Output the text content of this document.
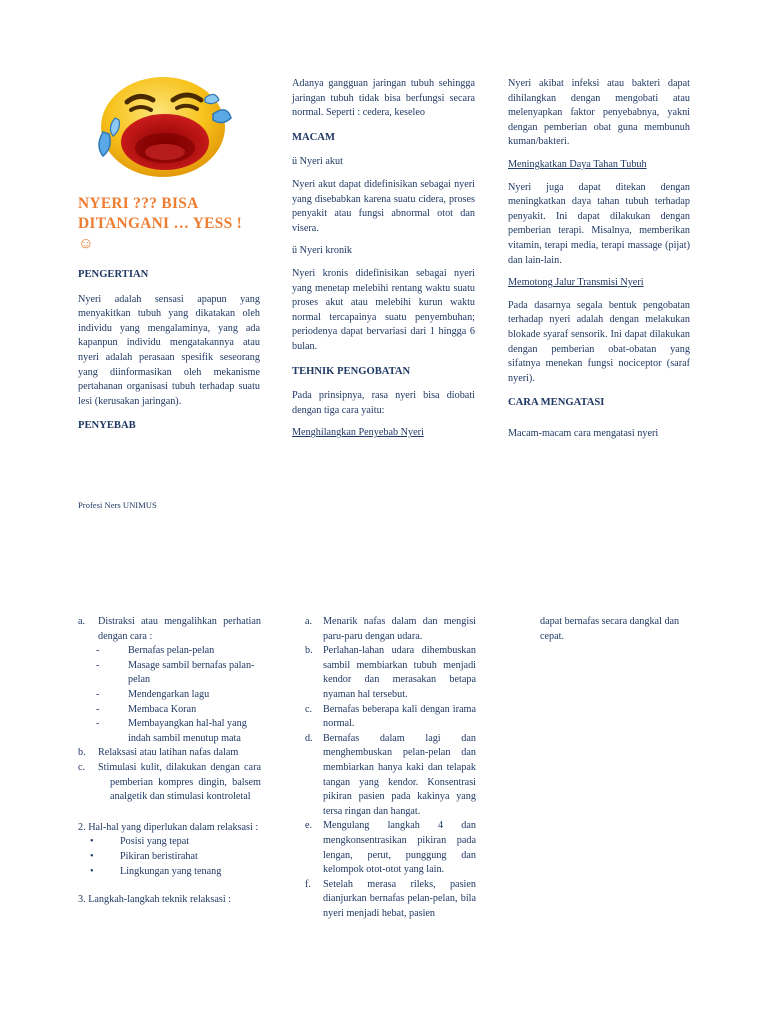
NYERI ??? BISA DITANGANI … YESS ! ☺
PENGERTIAN

Nyeri adalah sensasi apapun yang menyakitkan tubuh yang dikatakan oleh individu yang mengalaminya, yang ada kapanpun individu mengatakannya atau nyeri adalah perasaan spesifik seseorang yang diinformasikan oleh mekanisme pertahanan organisasi tubuh terhadap suatu lesi (kerusakan jaringan).

PENYEBAB
Profesi Ners UNIMUS

Adanya gangguan jaringan tubuh sehingga jaringan tubuh tidak bisa berfungsi secara normal. Seperti : cedera, keseleo

MACAM

ü Nyeri akut

Nyeri akut dapat didefinisikan sebagai nyeri yang disebabkan karena suatu cidera, proses penyakit atau fungsi abnormal otot dan visera.

ü Nyeri kronik

Nyeri kronis didefinisikan sebagai nyeri yang menetap melebihi rentang waktu suatu proses akut atau melebihi kurun waktu normal tercapainya suatu penyembuhan; periodenya dapat bervariasi dari 1 hingga 6 bulan.

TEHNIK PENGOBATAN

Pada prinsipnya, rasa nyeri bisa diobati dengan tiga cara yaitu:

Menghilangkan Penyebab Nyeri

Nyeri akibat infeksi atau bakteri dapat dihilangkan dengan mengobati atau melenyapkan faktor penyebabnya, yakni dengan pemberian obat guna membunuh kuman/bakteri.

Meningkatkan Daya Tahan Tubuh

Nyeri juga dapat ditekan dengan meningkatkan daya tahan tubuh terhadap penyakit. Ini dapat dilakukan dengan pemberian terapi. Misalnya, memberikan vitamin, terapi media, terapi massage (pijat) dan lain-lain.

Memotong Jalur Transmisi Nyeri

Pada dasarnya segala bentuk pengobatan terhadap nyeri adalah dengan melakukan blokade syaraf sensorik. Ini dapat dilakukan dengan pemberian obat-obatan yang sifatnya menekan fungsi nociceptor (saraf nyeri).

CARA MENGATASI

Macam-macam cara mengatasi nyeri

a.	Distraksi atau mengalihkan perhatian dengan cara :
-	Bernafas pelan-pelan
-	Masage sambil bernafas palan-pelan
-	Mendengarkan lagu
-	Membaca Koran
-	Membayangkan hal-hal yang indah sambil menutup mata
b.	Relaksasi atau latihan nafas dalam
c.	Stimulasi kulit, dilakukan dengan cara pemberian kompres dingin, balsem analgetik dan stimulasi kontroletal

2. Hal-hal yang diperlukan dalam relaksasi :

•	Posisi yang tepat
•	Pikiran beristirahat
•	Lingkungan yang tenang

3. Langkah-langkah teknik relaksasi :

a.	Menarik nafas dalam dan mengisi paru-paru dengan udara.
b.	Perlahan-lahan udara dihembuskan sambil membiarkan tubuh menjadi kendor dan merasakan betapa nyaman hal tersebut.
c.	Bernafas beberapa kali dengan irama normal.
d.	Bernafas dalam lagi dan menghembuskan pelan-pelan dan membiarkan hanya kaki dan telapak tangan yang kendor. Konsentrasi pikiran pasien pada kakinya yang tersa ringan dan hangat.
e.	Mengulang langkah 4 dan mengkonsentrasikan pikiran pada lengan, perut, punggung dan kelompok otot-otot yang lain.
f.	Setelah merasa rileks, pasien dianjurkan bernafas pelan-pelan, bila nyeri menjadi hebat, pasien

dapat bernafas secara dangkal dan cepat.
